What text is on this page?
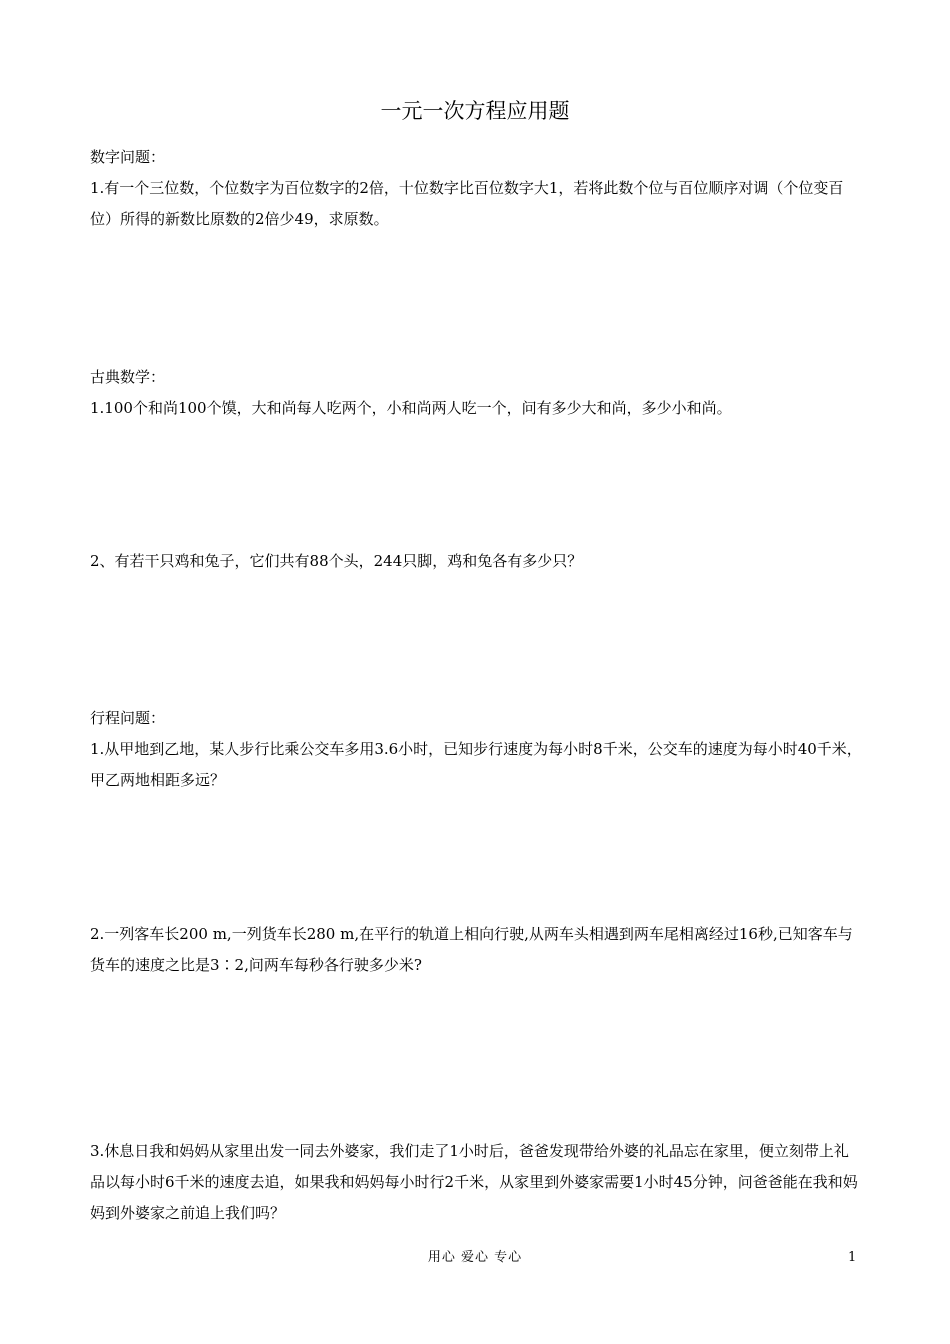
一元一次方程应用题
数字问题：

1.有一个三位数，个位数字为百位数字的2倍，十位数字比百位数字大1，若将此数个位与百位顺序对调（个位变百位）所得的新数比原数的2倍少49，求原数。

古典数学：

1.100个和尚100个馍，大和尚每人吃两个，小和尚两人吃一个，问有多少大和尚，多少小和尚。

2、有若干只鸡和兔子，它们共有88个头，244只脚，鸡和兔各有多少只？

行程问题：

1.从甲地到乙地，某人步行比乘公交车多用3.6小时，已知步行速度为每小时8千米，公交车的速度为每小时40千米，甲乙两地相距多远？

2.一列客车长200 m,一列货车长280 m,在平行的轨道上相向行驶,从两车头相遇到两车尾相离经过16秒,已知客车与货车的速度之比是3∶2,问两车每秒各行驶多少米?

3.休息日我和妈妈从家里出发一同去外婆家，我们走了1小时后，爸爸发现带给外婆的礼品忘在家里，便立刻带上礼品以每小时6千米的速度去追，如果我和妈妈每小时行2千米，从家里到外婆家需要1小时45分钟，问爸爸能在我和妈妈到外婆家之前追上我们吗？

用心 爱心 专心	1
